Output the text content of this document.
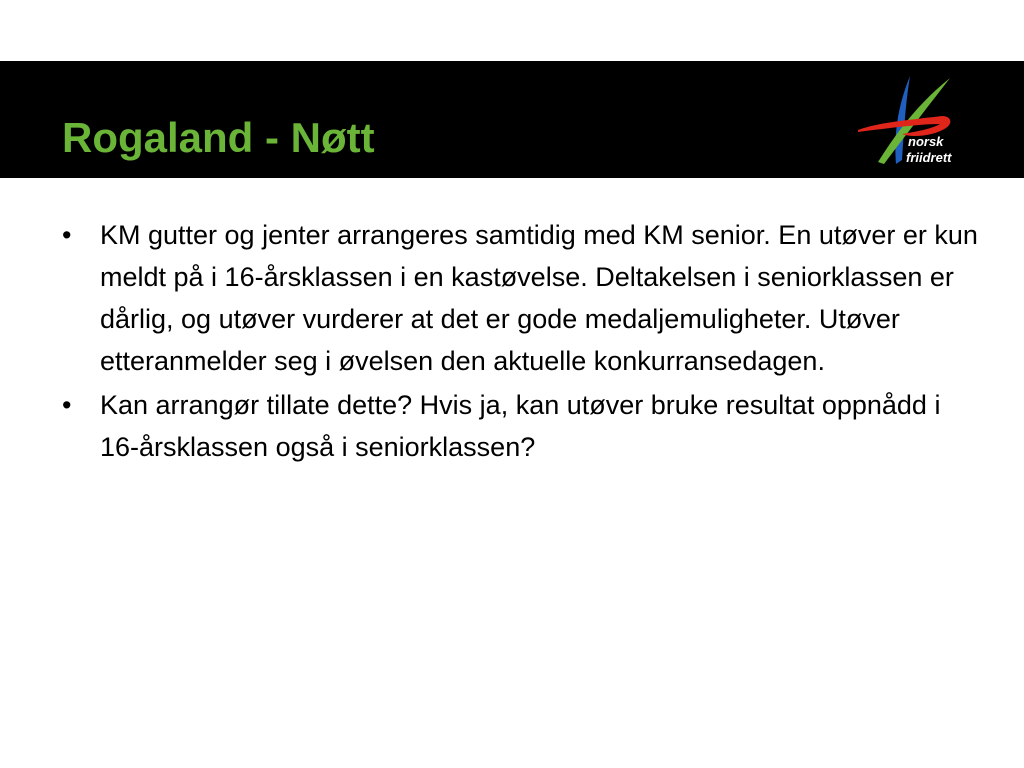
Rogaland - Nøtt	norsk
friidrett
•	KM gutter og jenter arrangeres samtidig med KM senior. En utøver er kun meldt på i 16-årsklassen i en kastøvelse. Deltakelsen i seniorklassen er dårlig, og utøver vurderer at det er gode medaljemuligheter. Utøver etteranmelder seg i øvelsen den aktuelle konkurransedagen.
•	Kan arrangør tillate dette? Hvis ja, kan utøver bruke resultat oppnådd i 16-årsklassen også i seniorklassen?
